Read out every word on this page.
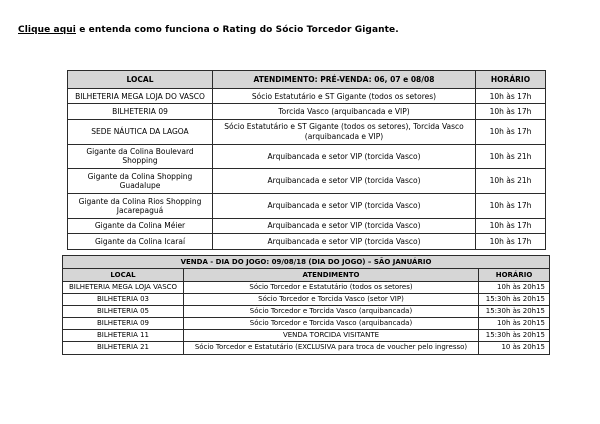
Clique aqui e entenda como funciona o Rating do Sócio Torcedor Gigante.
LOCAL	ATENDIMENTO: PRÉ-VENDA: 06, 07 e 08/08	HORÁRIO
BILHETERIA MEGA LOJA DO VASCO	Sócio Estatutário e ST Gigante (todos os setores)	10h às 17h
BILHETERIA 09	Torcida Vasco (arquibancada e VIP)	10h às 17h
SEDE NÁUTICA DA LAGOA	Sócio Estatutário e ST Gigante (todos os setores), Torcida Vasco (arquibancada e VIP)	10h às 17h
Gigante da Colina Boulevard Shopping	Arquibancada e setor VIP (torcida Vasco)	10h às 21h
Gigante da Colina Shopping Guadalupe	Arquibancada e setor VIP (torcida Vasco)	10h às 21h
Gigante da Colina Rios Shopping Jacarepaguá	Arquibancada e setor VIP (torcida Vasco)	10h às 17h
Gigante da Colina Méier	Arquibancada e setor VIP (torcida Vasco)	10h às 17h
Gigante da Colina Icaraí	Arquibancada e setor VIP (torcida Vasco)	10h às 17h
VENDA - DIA DO JOGO: 09/08/18 (DIA DO JOGO) – SÃO JANUÁRIO		
LOCAL	ATENDIMENTO	HORÁRIO
BILHETERIA MEGA LOJA VASCO	Sócio Torcedor e Estatutário (todos os setores)	10h às 20h15
BILHETERIA 03	Sócio Torcedor e Torcida Vasco (setor VIP)	15:30h às 20h15
BILHETERIA 05	Sócio Torcedor e Torcida Vasco (arquibancada)	15:30h às 20h15
BILHETERIA 09	Sócio Torcedor e Torcida Vasco (arquibancada)	10h às 20h15
BILHETERIA 11	VENDA TORCIDA VISITANTE	15:30h às 20h15
BILHETERIA 21	Sócio Torcedor e Estatutário (EXCLUSIVA para troca de voucher pelo ingresso)	10 às 20h15
